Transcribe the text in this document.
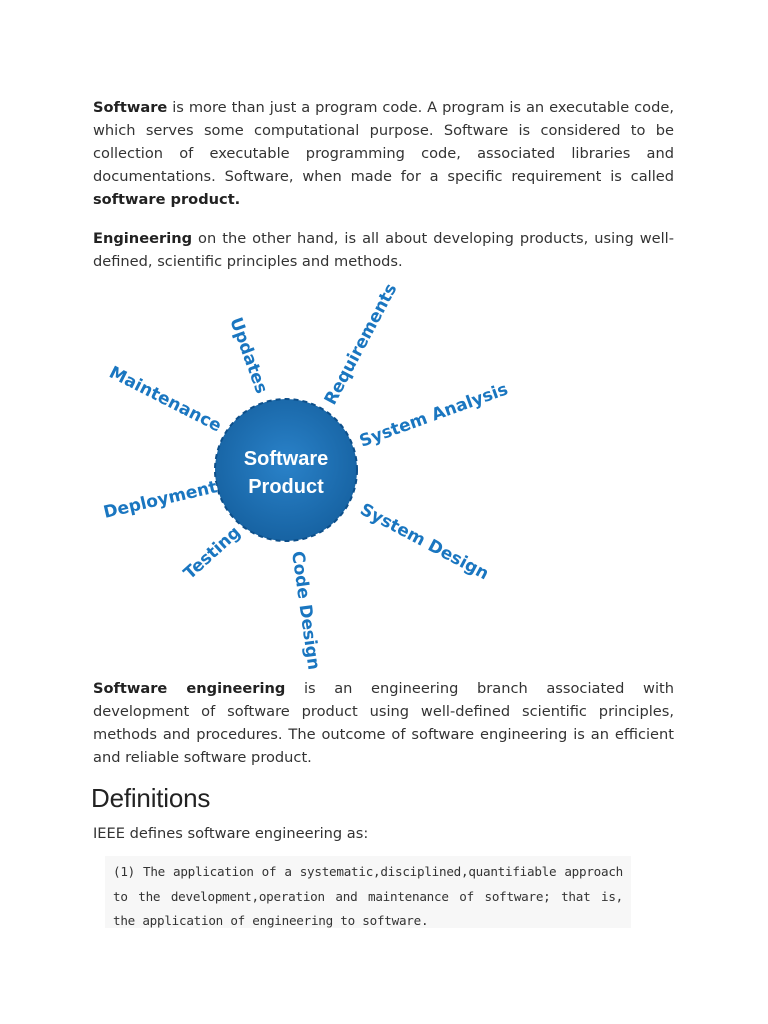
Software is more than just a program code. A program is an executable code, which serves some computational purpose. Software is considered to be collection of executable programming code, associated libraries and documentations. Software, when made for a specific requirement is called software product.

Engineering on the other hand, is all about developing products, using well-defined, scientific principles and methods.

Software
Product
Updates	Requirements
Maintenance	System Analysis
Deployment	System Design
Testing Code Design

Software engineering is an engineering branch associated with development of software product using well-defined scientific principles, methods and procedures. The outcome of software engineering is an efficient and reliable software product.

Definitions

IEEE defines software engineering as:

(1) The application of a systematic,disciplined,quantifiable approach to the development,operation and maintenance of software; that is, the application of engineering to software.
